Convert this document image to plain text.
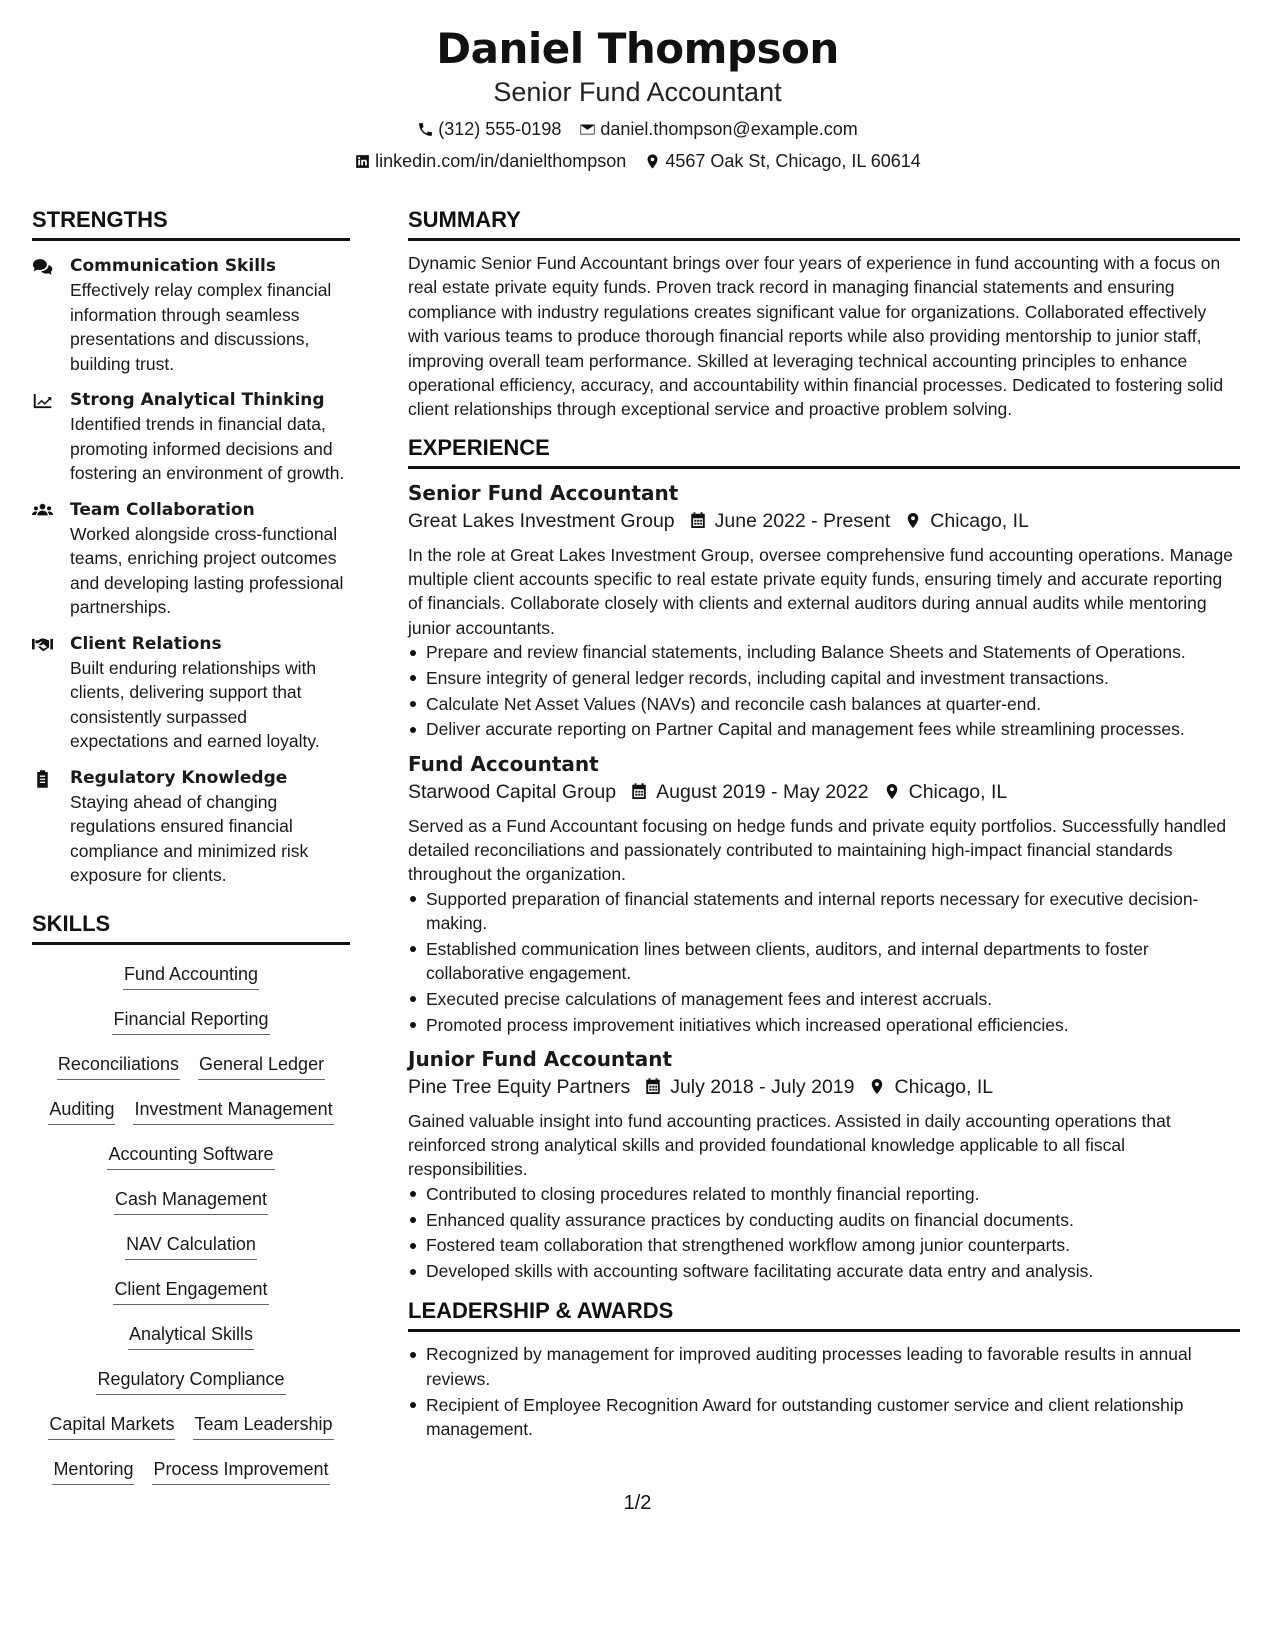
Daniel Thompson
Senior Fund Accountant
(312) 555-0198 daniel.thompson@example.com
linkedin.com/in/danielthompson 4567 Oak St, Chicago, IL 60614
STRENGTHS
Communication Skills
Effectively relay complex financial information through seamless presentations and discussions, building trust.
Strong Analytical Thinking
Identified trends in financial data, promoting informed decisions and fostering an environment of growth.
Team Collaboration
Worked alongside cross-functional teams, enriching project outcomes and developing lasting professional partnerships.
Client Relations
Built enduring relationships with clients, delivering support that consistently surpassed expectations and earned loyalty.
Regulatory Knowledge
Staying ahead of changing regulations ensured financial compliance and minimized risk exposure for clients.
SKILLS
Fund Accounting
Financial Reporting
Reconciliations General Ledger
Auditing Investment Management
Accounting Software
Cash Management
NAV Calculation
Client Engagement
Analytical Skills
Regulatory Compliance
Capital Markets Team Leadership
Mentoring Process Improvement
SUMMARY

Dynamic Senior Fund Accountant brings over four years of experience in fund accounting with a focus on real estate private equity funds. Proven track record in managing financial statements and ensuring compliance with industry regulations creates significant value for organizations. Collaborated effectively with various teams to produce thorough financial reports while also providing mentorship to junior staff, improving overall team performance. Skilled at leveraging technical accounting principles to enhance operational efficiency, accuracy, and accountability within financial processes. Dedicated to fostering solid client relationships through exceptional service and proactive problem solving.

EXPERIENCE
Senior Fund Accountant
Great Lakes Investment Group June 2022 - Present Chicago, IL

In the role at Great Lakes Investment Group, oversee comprehensive fund accounting operations. Manage multiple client accounts specific to real estate private equity funds, ensuring timely and accurate reporting of financials. Collaborate closely with clients and external auditors during annual audits while mentoring junior accountants.

Prepare and review financial statements, including Balance Sheets and Statements of Operations.
Ensure integrity of general ledger records, including capital and investment transactions.
Calculate Net Asset Values (NAVs) and reconcile cash balances at quarter-end.
Deliver accurate reporting on Partner Capital and management fees while streamlining processes.
Fund Accountant
Starwood Capital Group August 2019 - May 2022 Chicago, IL

Served as a Fund Accountant focusing on hedge funds and private equity portfolios. Successfully handled detailed reconciliations and passionately contributed to maintaining high-impact financial standards throughout the organization.

Supported preparation of financial statements and internal reports necessary for executive decision-making.
Established communication lines between clients, auditors, and internal departments to foster collaborative engagement.
Executed precise calculations of management fees and interest accruals.
Promoted process improvement initiatives which increased operational efficiencies.
Junior Fund Accountant
Pine Tree Equity Partners July 2018 - July 2019 Chicago, IL

Gained valuable insight into fund accounting practices. Assisted in daily accounting operations that reinforced strong analytical skills and provided foundational knowledge applicable to all fiscal responsibilities.

Contributed to closing procedures related to monthly financial reporting.
Enhanced quality assurance practices by conducting audits on financial documents.
Fostered team collaboration that strengthened workflow among junior counterparts.
Developed skills with accounting software facilitating accurate data entry and analysis.
LEADERSHIP & AWARDS
Recognized by management for improved auditing processes leading to favorable results in annual reviews.
Recipient of Employee Recognition Award for outstanding customer service and client relationship management.
1/2
